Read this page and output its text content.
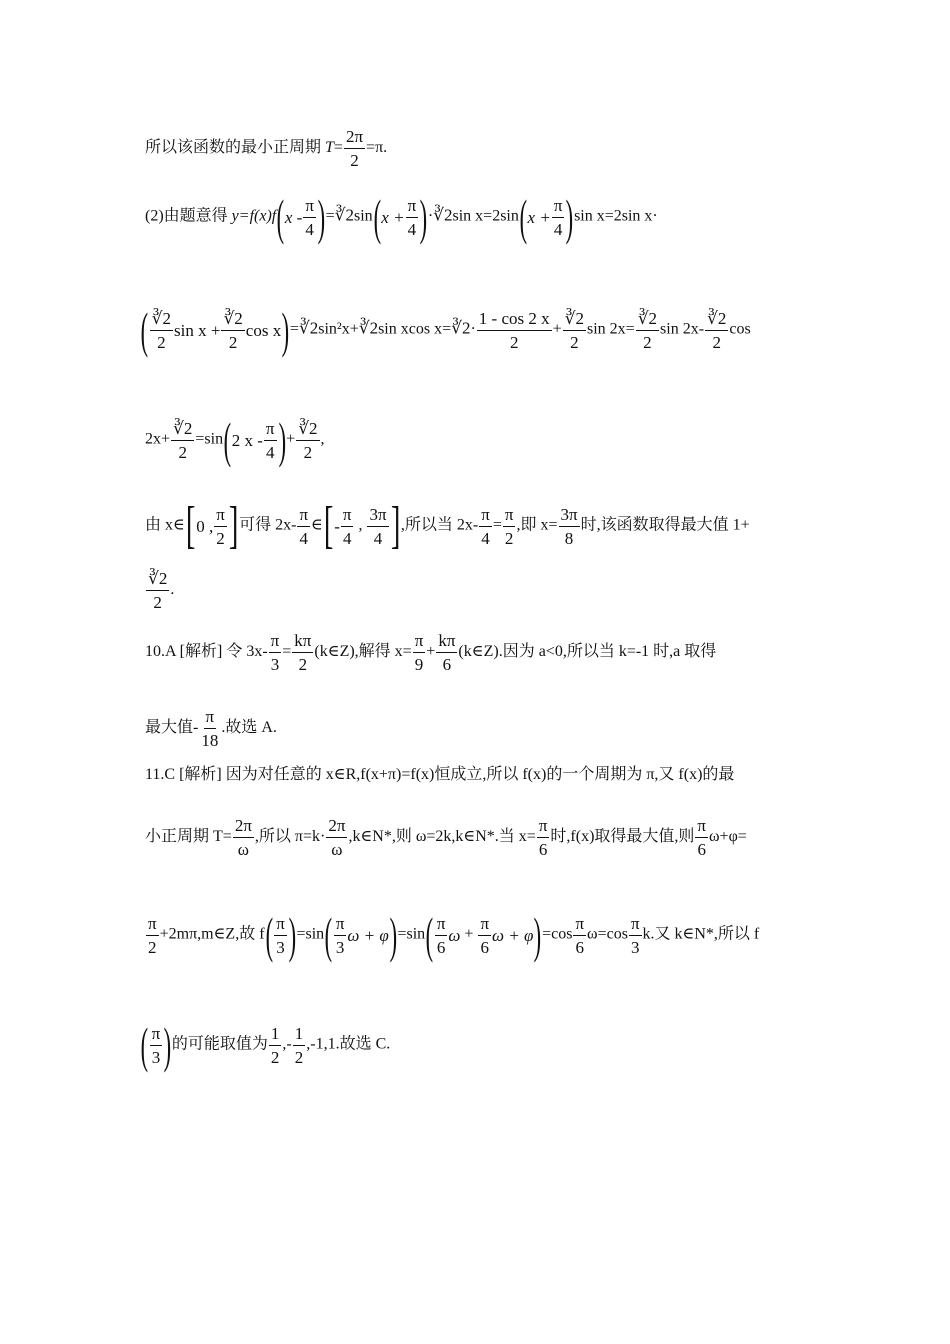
所以该函数的最小正周期 $T= \frac{2\pi}{2} =\pi$.
(2)由题意得 $y=f(x)f(x - \frac{\pi}{4}$ )=∛2sin(x + $\frac{\pi}{4}$ )·∛2sin $x=2\sin(x + \frac{\pi}{4} )\sin$ x=2sin x·
( $\frac{∛2}{2}$ $\sin x + \frac{∛2}{2}$ cos x)=∛2sin²x+∛2sin xcos x=∛2· $\frac{1 - \cos 2 x}{2} + \frac{∛2}{2}$ $\sin 2x= \frac{∛2}{2}$ $\sin 2x- \frac{∛2}{2}$ cos
$2x+ \frac{∛2}{2} =\sin(2$ x - $\frac{\pi}{4}$ )+ $\frac{∛2}{2}$ ,
由 x∈[0 , $\frac{\pi}{2}$ ]可得 $2x- \frac{\pi}{4}$ ∈[- $\frac{\pi}{4}$ , $\frac{3\pi}{4}$ ],所以当 $2x- \frac{\pi}{4} = \frac{\pi}{2}$ ,即 $x= \frac{3\pi}{8}$ 时,该函数取得最大值 1+
$\frac{∛2}{2}$ .
10.A [解析] 令 $3x- \frac{\pi}{3} = \frac{k\pi}{2}$ (k∈Z),解得 $x= \frac{\pi}{9} + \frac{k\pi}{6}$ (k∈Z).因为 a<0,所以当 k=-1 时,a 取得
最大值- $\frac{\pi}{18}$ .故选 A.
11.C [解析] 因为对任意的 x∈R,f(x+π)=f(x)恒成立,所以 f(x)的一个周期为 π,又 f(x)的最
小正周期 $T= \frac{2\pi}{\omega}$ ,所以 $\pi=k\cdot \frac{2\pi}{\omega}$ ,k∈N*,则 ω=2k,k∈N*.当 $x= \frac{\pi}{6}$ 时,f(x)取得最大值,则 $\frac{\pi}{6} \omega+\varphi=$
$\frac{\pi}{2}$ +2mπ,m∈Z,故 $f( \frac{\pi}{3} )=\sin( \frac{\pi}{3}$ $\omega + \varphi)=\sin( \frac{\pi}{6}$ $\omega + \frac{\pi}{6}$ $\omega + \varphi)=\cos \frac{\pi}{6} \omega=\cos \frac{\pi}{3} k$.又 k∈N*,所以 f
( $\frac{\pi}{3}$ )的可能取值为 $\frac{1}{2}$ ,- $\frac{1}{2} ,-1,1$.故选 C.
